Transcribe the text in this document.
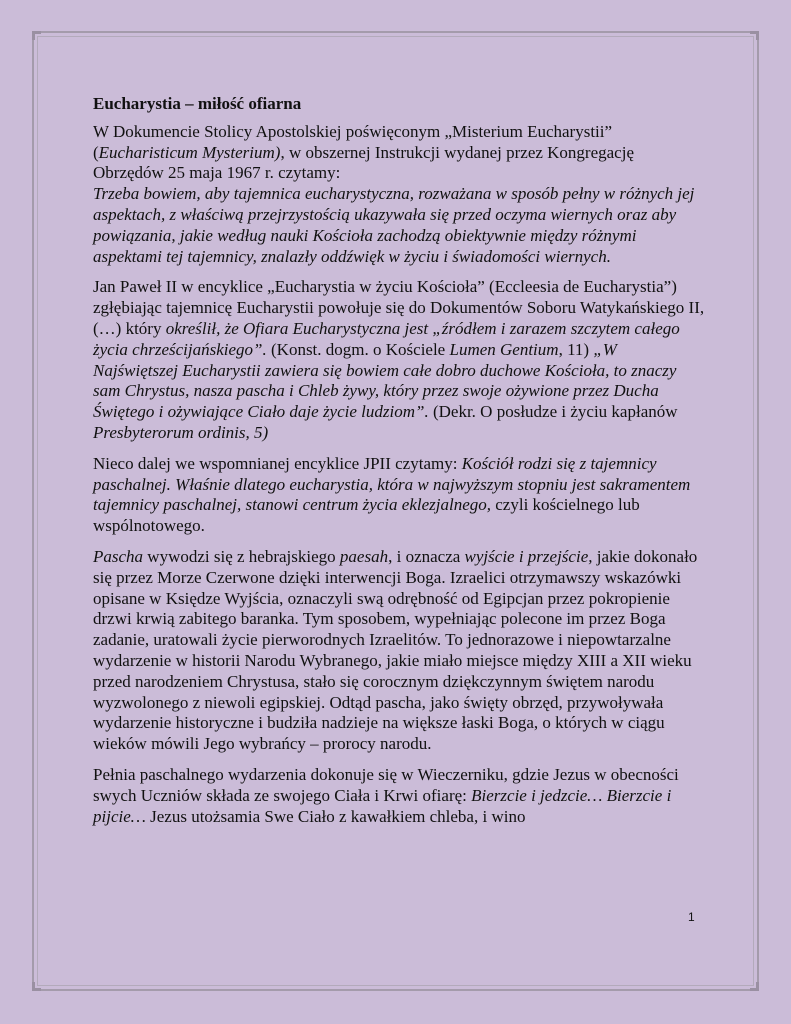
Eucharystia – miłość ofiarna

W Dokumencie Stolicy Apostolskiej poświęconym „Misterium Eucharystii” (Eucharisticum Mysterium), w obszernej Instrukcji wydanej przez Kongregację Obrzędów 25 maja 1967 r. czytamy:
Trzeba bowiem, aby tajemnica eucharystyczna, rozważana w sposób pełny w różnych jej aspektach, z właściwą przejrzystością ukazywała się przed oczyma wiernych oraz aby powiązania, jakie według nauki Kościoła zachodzą obiektywnie między różnymi aspektami tej tajemnicy, znalazły oddźwięk w życiu i świadomości wiernych.

Jan Paweł II w encyklice „Eucharystia w życiu Kościoła” (Eccleesia de Eucharystia”) zgłębiając tajemnicę Eucharystii powołuje się do Dokumentów Soboru Watykańskiego II, (…) który określił, że Ofiara Eucharystyczna jest „źródłem i zarazem szczytem całego życia chrześcijańskiego”. (Konst. dogm. o Kościele Lumen Gentium, 11) „W Najświętszej Eucharystii zawiera się bowiem całe dobro duchowe Kościoła, to znaczy sam Chrystus, nasza pascha i Chleb żywy, który przez swoje ożywione przez Ducha Świętego i ożywiające Ciało daje życie ludziom”. (Dekr. O posłudze i życiu kapłanów Presbyterorum ordinis, 5)

Nieco dalej we wspomnianej encyklice JPII czytamy: Kościół rodzi się z tajemnicy paschalnej. Właśnie dlatego eucharystia, która w najwyższym stopniu jest sakramentem tajemnicy paschalnej, stanowi centrum życia eklezjalnego, czyli kościelnego lub wspólnotowego.

Pascha wywodzi się z hebrajskiego paesah, i oznacza wyjście i przejście, jakie dokonało się przez Morze Czerwone dzięki interwencji Boga. Izraelici otrzymawszy wskazówki opisane w Księdze Wyjścia, oznaczyli swą odrębność od Egipcjan przez pokropienie drzwi krwią zabitego baranka. Tym sposobem, wypełniając polecone im przez Boga zadanie, uratowali życie pierworodnych Izraelitów. To jednorazowe i niepowtarzalne wydarzenie w historii Narodu Wybranego, jakie miało miejsce między XIII a XII wieku przed narodzeniem Chrystusa, stało się corocznym dziękczynnym świętem narodu wyzwolonego z niewoli egipskiej. Odtąd pascha, jako święty obrzęd, przywoływała wydarzenie historyczne i budziła nadzieje na większe łaski Boga, o których w ciągu wieków mówili Jego wybrańcy – prorocy narodu.

Pełnia paschalnego wydarzenia dokonuje się w Wieczerniku, gdzie Jezus w obecności swych Uczniów składa ze swojego Ciała i Krwi ofiarę: Bierzcie i jedzcie… Bierzcie i pijcie… Jezus utożsamia Swe Ciało z kawałkiem chleba, i wino

1
